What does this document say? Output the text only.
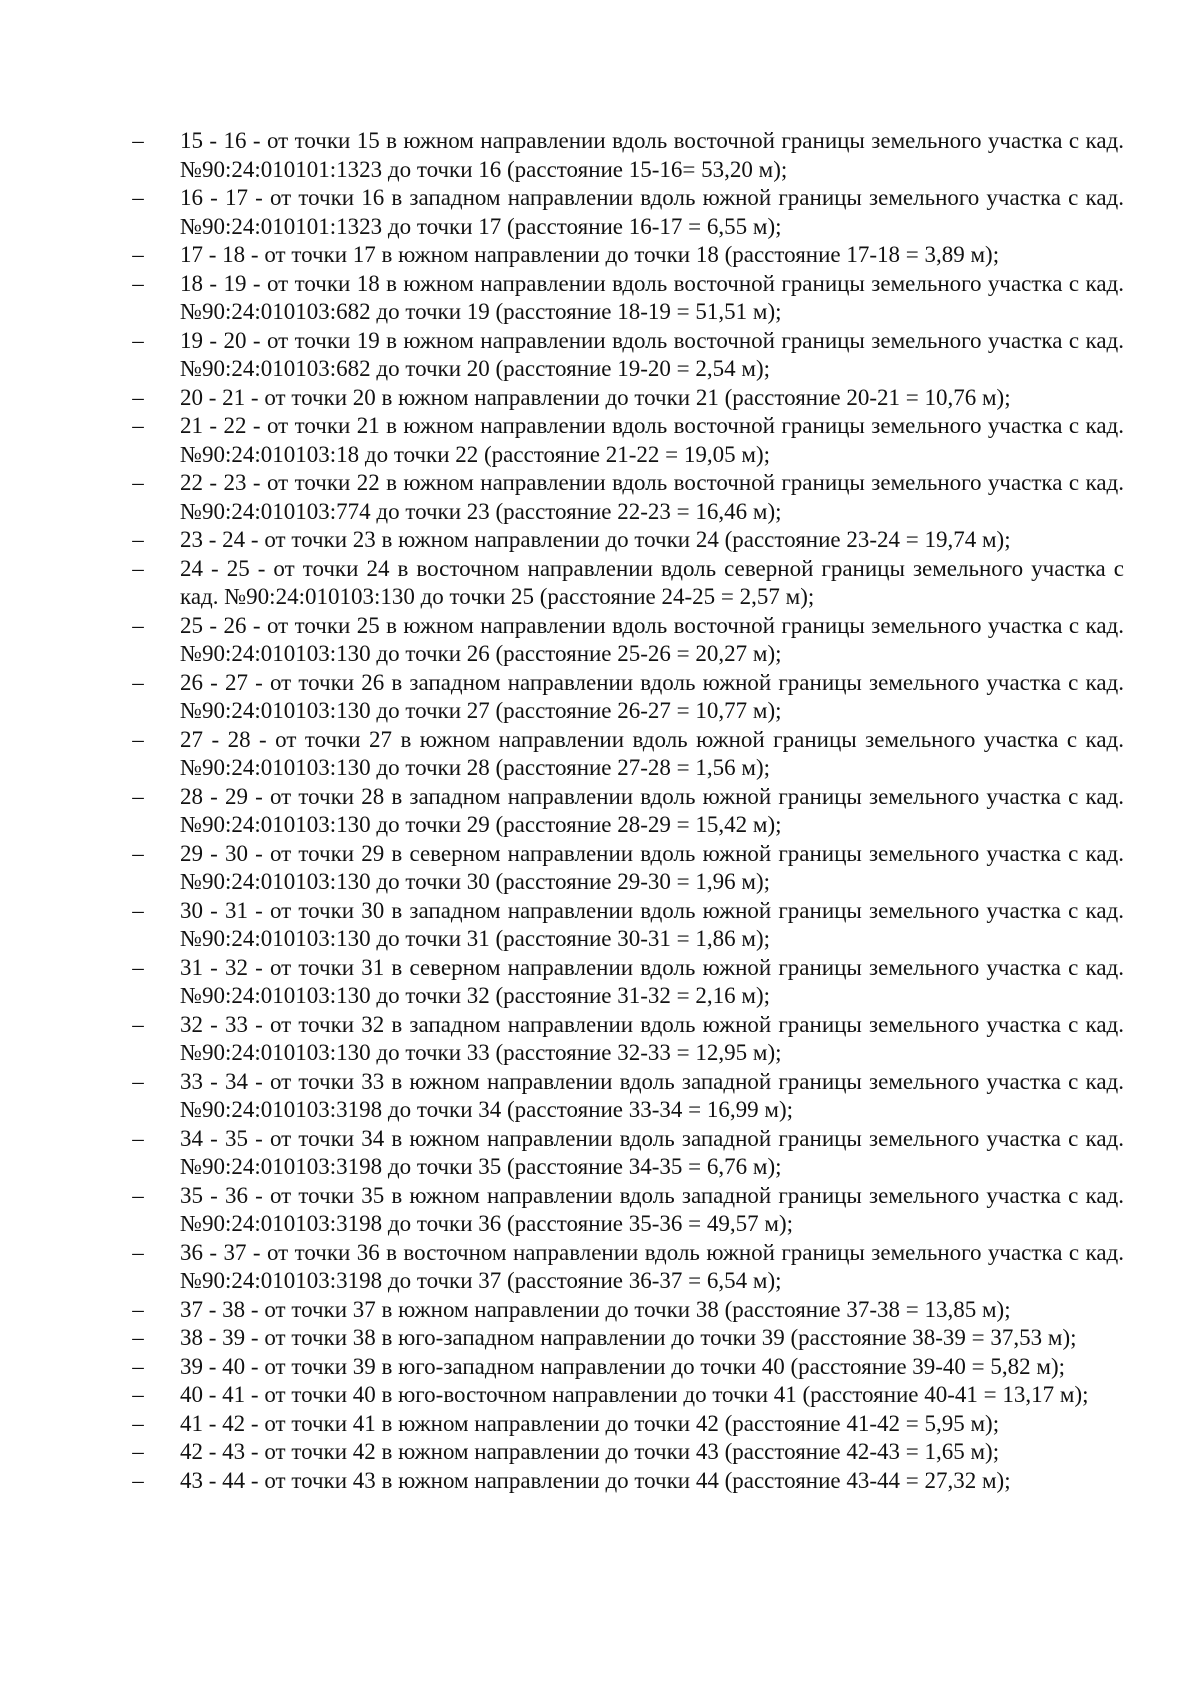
– 15 - 16 - от точки 15 в южном направлении вдоль восточной границы земельного участка с кад. №90:24:010101:1323 до точки 16 (расстояние 15-16= 53,20 м);
– 16 - 17 - от точки 16 в западном направлении вдоль южной границы земельного участка с кад. №90:24:010101:1323 до точки 17 (расстояние 16-17 = 6,55 м);
– 17 - 18 - от точки 17 в южном направлении до точки 18 (расстояние 17-18 = 3,89 м);
– 18 - 19 - от точки 18 в южном направлении вдоль восточной границы земельного участка с кад. №90:24:010103:682 до точки 19 (расстояние 18-19 = 51,51 м);
– 19 - 20 - от точки 19 в южном направлении вдоль восточной границы земельного участка с кад. №90:24:010103:682 до точки 20 (расстояние 19-20 = 2,54 м);
– 20 - 21 - от точки 20 в южном направлении до точки 21 (расстояние 20-21 = 10,76 м);
– 21 - 22 - от точки 21 в южном направлении вдоль восточной границы земельного участка с кад. №90:24:010103:18 до точки 22 (расстояние 21-22 = 19,05 м);
– 22 - 23 - от точки 22 в южном направлении вдоль восточной границы земельного участка с кад. №90:24:010103:774 до точки 23 (расстояние 22-23 = 16,46 м);
– 23 - 24 - от точки 23 в южном направлении до точки 24 (расстояние 23-24 = 19,74 м);
– 24 - 25 - от точки 24 в восточном направлении вдоль северной границы земельного участка с кад. №90:24:010103:130 до точки 25 (расстояние 24-25 = 2,57 м);
– 25 - 26 - от точки 25 в южном направлении вдоль восточной границы земельного участка с кад. №90:24:010103:130 до точки 26 (расстояние 25-26 = 20,27 м);
– 26 - 27 - от точки 26 в западном направлении вдоль южной границы земельного участка с кад. №90:24:010103:130 до точки 27 (расстояние 26-27 = 10,77 м);
– 27 - 28 - от точки 27 в южном направлении вдоль южной границы земельного участка с кад. №90:24:010103:130 до точки 28 (расстояние 27-28 = 1,56 м);
– 28 - 29 - от точки 28 в западном направлении вдоль южной границы земельного участка с кад. №90:24:010103:130 до точки 29 (расстояние 28-29 = 15,42 м);
– 29 - 30 - от точки 29 в северном направлении вдоль южной границы земельного участка с кад. №90:24:010103:130 до точки 30 (расстояние 29-30 = 1,96 м);
– 30 - 31 - от точки 30 в западном направлении вдоль южной границы земельного участка с кад. №90:24:010103:130 до точки 31 (расстояние 30-31 = 1,86 м);
– 31 - 32 - от точки 31 в северном направлении вдоль южной границы земельного участка с кад. №90:24:010103:130 до точки 32 (расстояние 31-32 = 2,16 м);
– 32 - 33 - от точки 32 в западном направлении вдоль южной границы земельного участка с кад. №90:24:010103:130 до точки 33 (расстояние 32-33 = 12,95 м);
– 33 - 34 - от точки 33 в южном направлении вдоль западной границы земельного участка с кад. №90:24:010103:3198 до точки 34 (расстояние 33-34 = 16,99 м);
– 34 - 35 - от точки 34 в южном направлении вдоль западной границы земельного участка с кад. №90:24:010103:3198 до точки 35 (расстояние 34-35 = 6,76 м);
– 35 - 36 - от точки 35 в южном направлении вдоль западной границы земельного участка с кад. №90:24:010103:3198 до точки 36 (расстояние 35-36 = 49,57 м);
– 36 - 37 - от точки 36 в восточном направлении вдоль южной границы земельного участка с кад. №90:24:010103:3198 до точки 37 (расстояние 36-37 = 6,54 м);
– 37 - 38 - от точки 37 в южном направлении до точки 38 (расстояние 37-38 = 13,85 м);
– 38 - 39 - от точки 38 в юго-западном направлении до точки 39 (расстояние 38-39 = 37,53 м);
– 39 - 40 - от точки 39 в юго-западном направлении до точки 40 (расстояние 39-40 = 5,82 м);
– 40 - 41 - от точки 40 в юго-восточном направлении до точки 41 (расстояние 40-41 = 13,17 м);
– 41 - 42 - от точки 41 в южном направлении до точки 42 (расстояние 41-42 = 5,95 м);
– 42 - 43 - от точки 42 в южном направлении до точки 43 (расстояние 42-43 = 1,65 м);
– 43 - 44 - от точки 43 в южном направлении до точки 44 (расстояние 43-44 = 27,32 м);
